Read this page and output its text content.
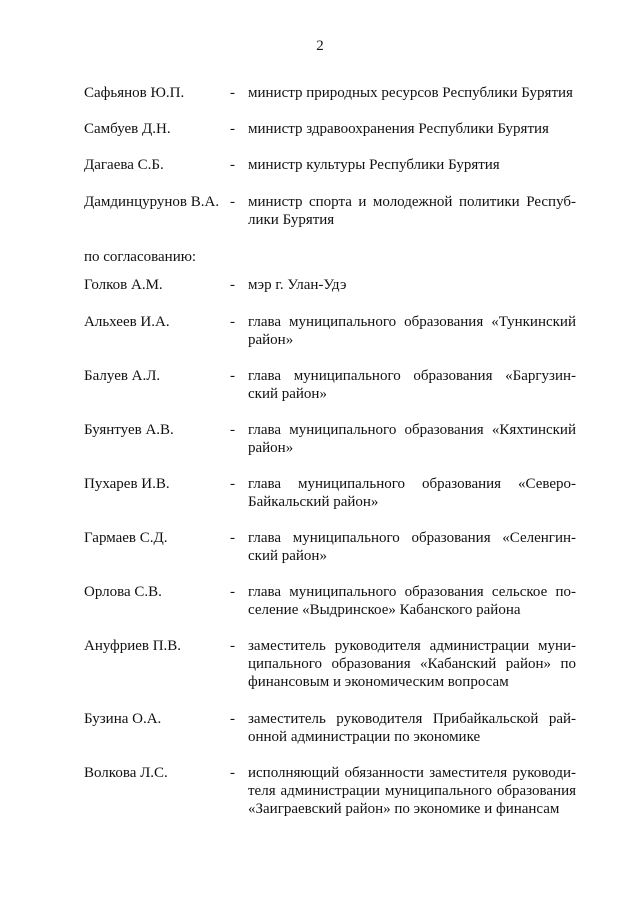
2
Сафьянов Ю.П.	- министр природных ресурсов Республики Бурятия
Самбуев Д.Н.	- министр здравоохранения Республики Бурятия
Дагаева С.Б.	- министр культуры Республики Бурятия
Дамдинцурунов В.А. - министр спорта и молодежной политики Респуб-лики Бурятия
по согласованию:
Голков А.М.	- мэр г. Улан-Удэ
Альхеев И.А.	- глава муниципального образования «Тункинский район»
Балуев А.Л.	- глава муниципального образования «Баргузин-ский район»
Буянтуев А.В.	- глава муниципального образования «Кяхтинский район»
Пухарев И.В.	- глава муниципального образования «Северо-Байкальский район»
Гармаев С.Д.	- глава муниципального образования «Селенгин-ский район»
Орлова С.В.	- глава муниципального образования сельское по-селение «Выдринское» Кабанского района
Ануфриев П.В.	- заместитель руководителя администрации муни-ципального образования «Кабанский район» по финансовым и экономическим вопросам
Бузина О.А.	- заместитель руководителя Прибайкальской рай-онной администрации по экономике
Волкова Л.С.	- исполняющий обязанности заместителя руководи-теля администрации муниципального образования «Заиграевский район» по экономике и финансам
